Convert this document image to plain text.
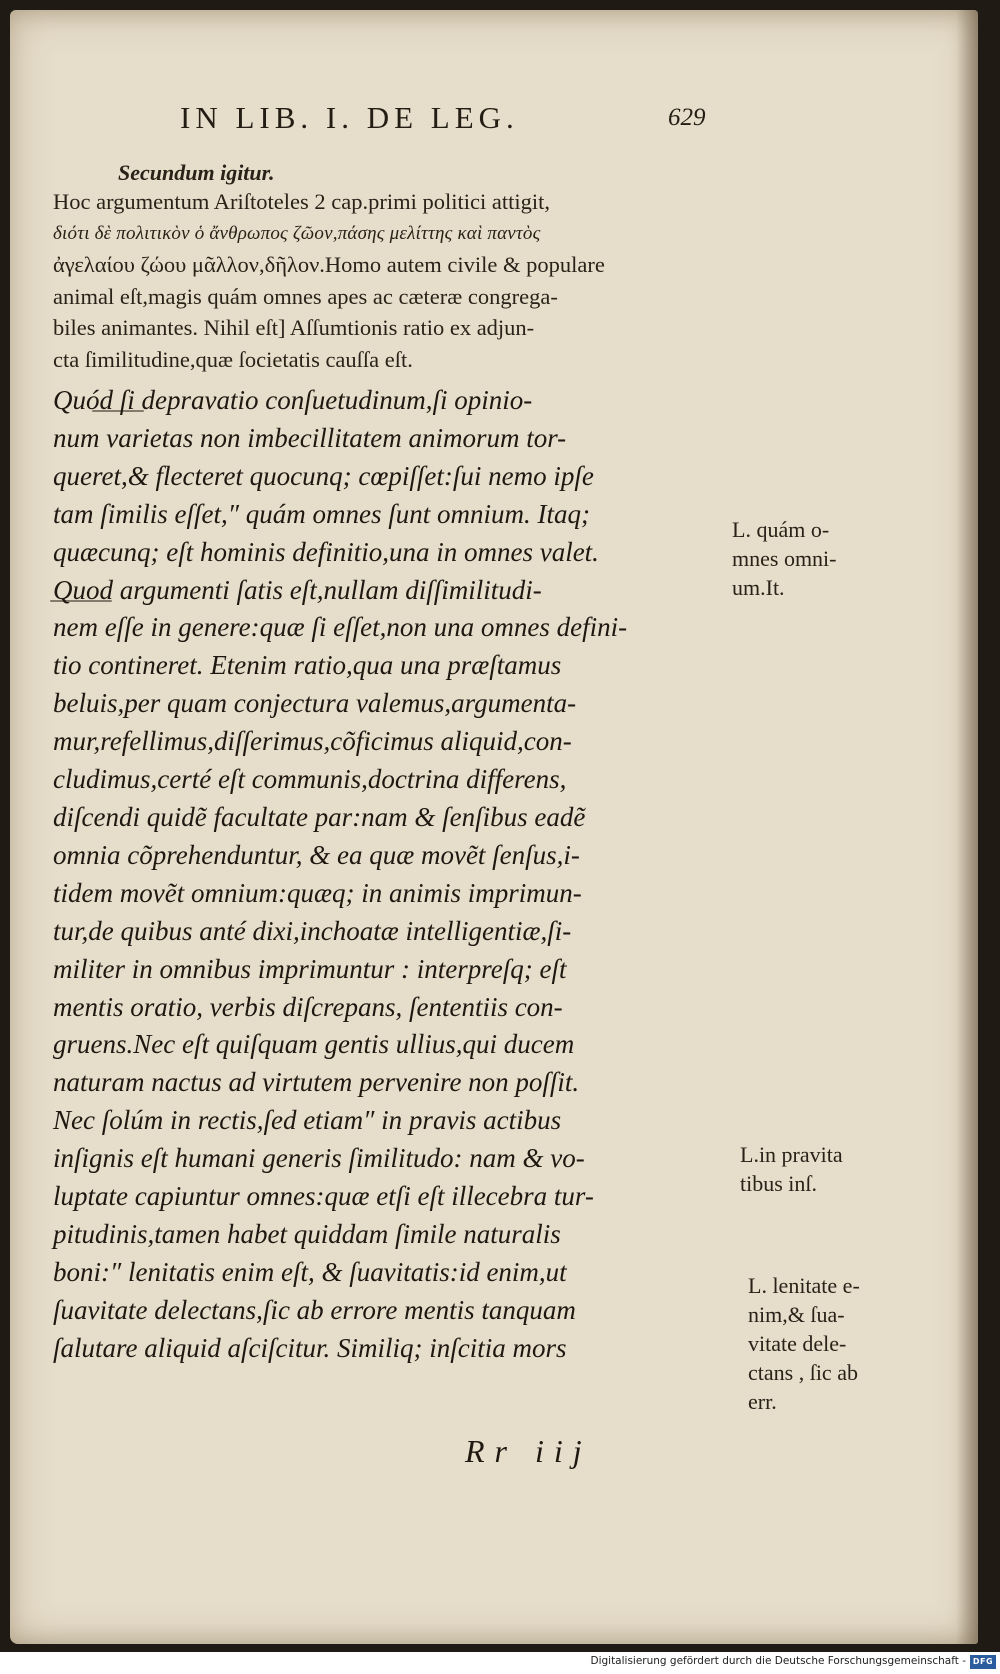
IN LIB. I. DE LEG.	629
Secundum igitur.

Hoc argumentum Ariſtoteles 2 cap.primi politici attigit,

διότι δὲ πολιτικὸν ὁ ἄνθρωπος ζῶον,πάσης μελίττης καὶ παντὸς

ἀγελαίου ζώου μᾶλλον,δῆλον.Homo autem civile & populare

animal eſt,magis quám omnes apes ac cæteræ congrega-

biles animantes. Nihil eſt] Aſſumtionis ratio ex adjun-

cta ſimilitudine,quæ ſocietatis cauſſa eſt.

Quód ſi depravatio conſuetudinum,ſi opinio-

num varietas non imbecillitatem animorum tor-

queret,& flecteret quocunq; cœpiſſet:ſui nemo ipſe

tam ſimilis eſſet,″ quám omnes ſunt omnium. Itaq;

quæcunq; eſt hominis definitio,una in omnes valet.

Quod argumenti ſatis eſt,nullam diſſimilitudi-

nem eſſe in genere:quæ ſi eſſet,non una omnes defini-

tio contineret. Etenim ratio,qua una præſtamus

beluis,per quam conjectura valemus,argumenta-

mur,refellimus,diſſerimus,cõficimus aliquid,con-

cludimus,certé eſt communis,doctrina differens,

diſcendi quidẽ facultate par:nam & ſenſibus eadẽ

omnia cõprehenduntur, & ea quæ movẽt ſenſus,i-

tidem movẽt omnium:quæq; in animis imprimun-

tur,de quibus anté dixi,inchoatæ intelligentiæ,ſi-

militer in omnibus imprimuntur : interpreſq; eſt

mentis oratio, verbis diſcrepans, ſententiis con-

gruens.Nec eſt quiſquam gentis ullius,qui ducem

naturam nactus ad virtutem pervenire non poſſit.

Nec ſolúm in rectis,ſed etiam″ in pravis actibus

inſignis eſt humani generis ſimilitudo: nam & vo-

luptate capiuntur omnes:quæ etſi eſt illecebra tur-

pitudinis,tamen habet quiddam ſimile naturalis

boni:″ lenitatis enim eſt, & ſuavitatis:id enim,ut

ſuavitate delectans,ſic ab errore mentis tanquam

ſalutare aliquid aſciſcitur. Similiq; inſcitia mors

L. quám o-

mnes omni-

um.It.

L.in pravita

tibus inſ.

L. lenitate e-

nim,& ſua-

vitate dele-

ctans , ſic ab

err.

Rr iij
Digitalisierung gefördert durch die Deutsche Forschungsgemeinschaft - DFG
